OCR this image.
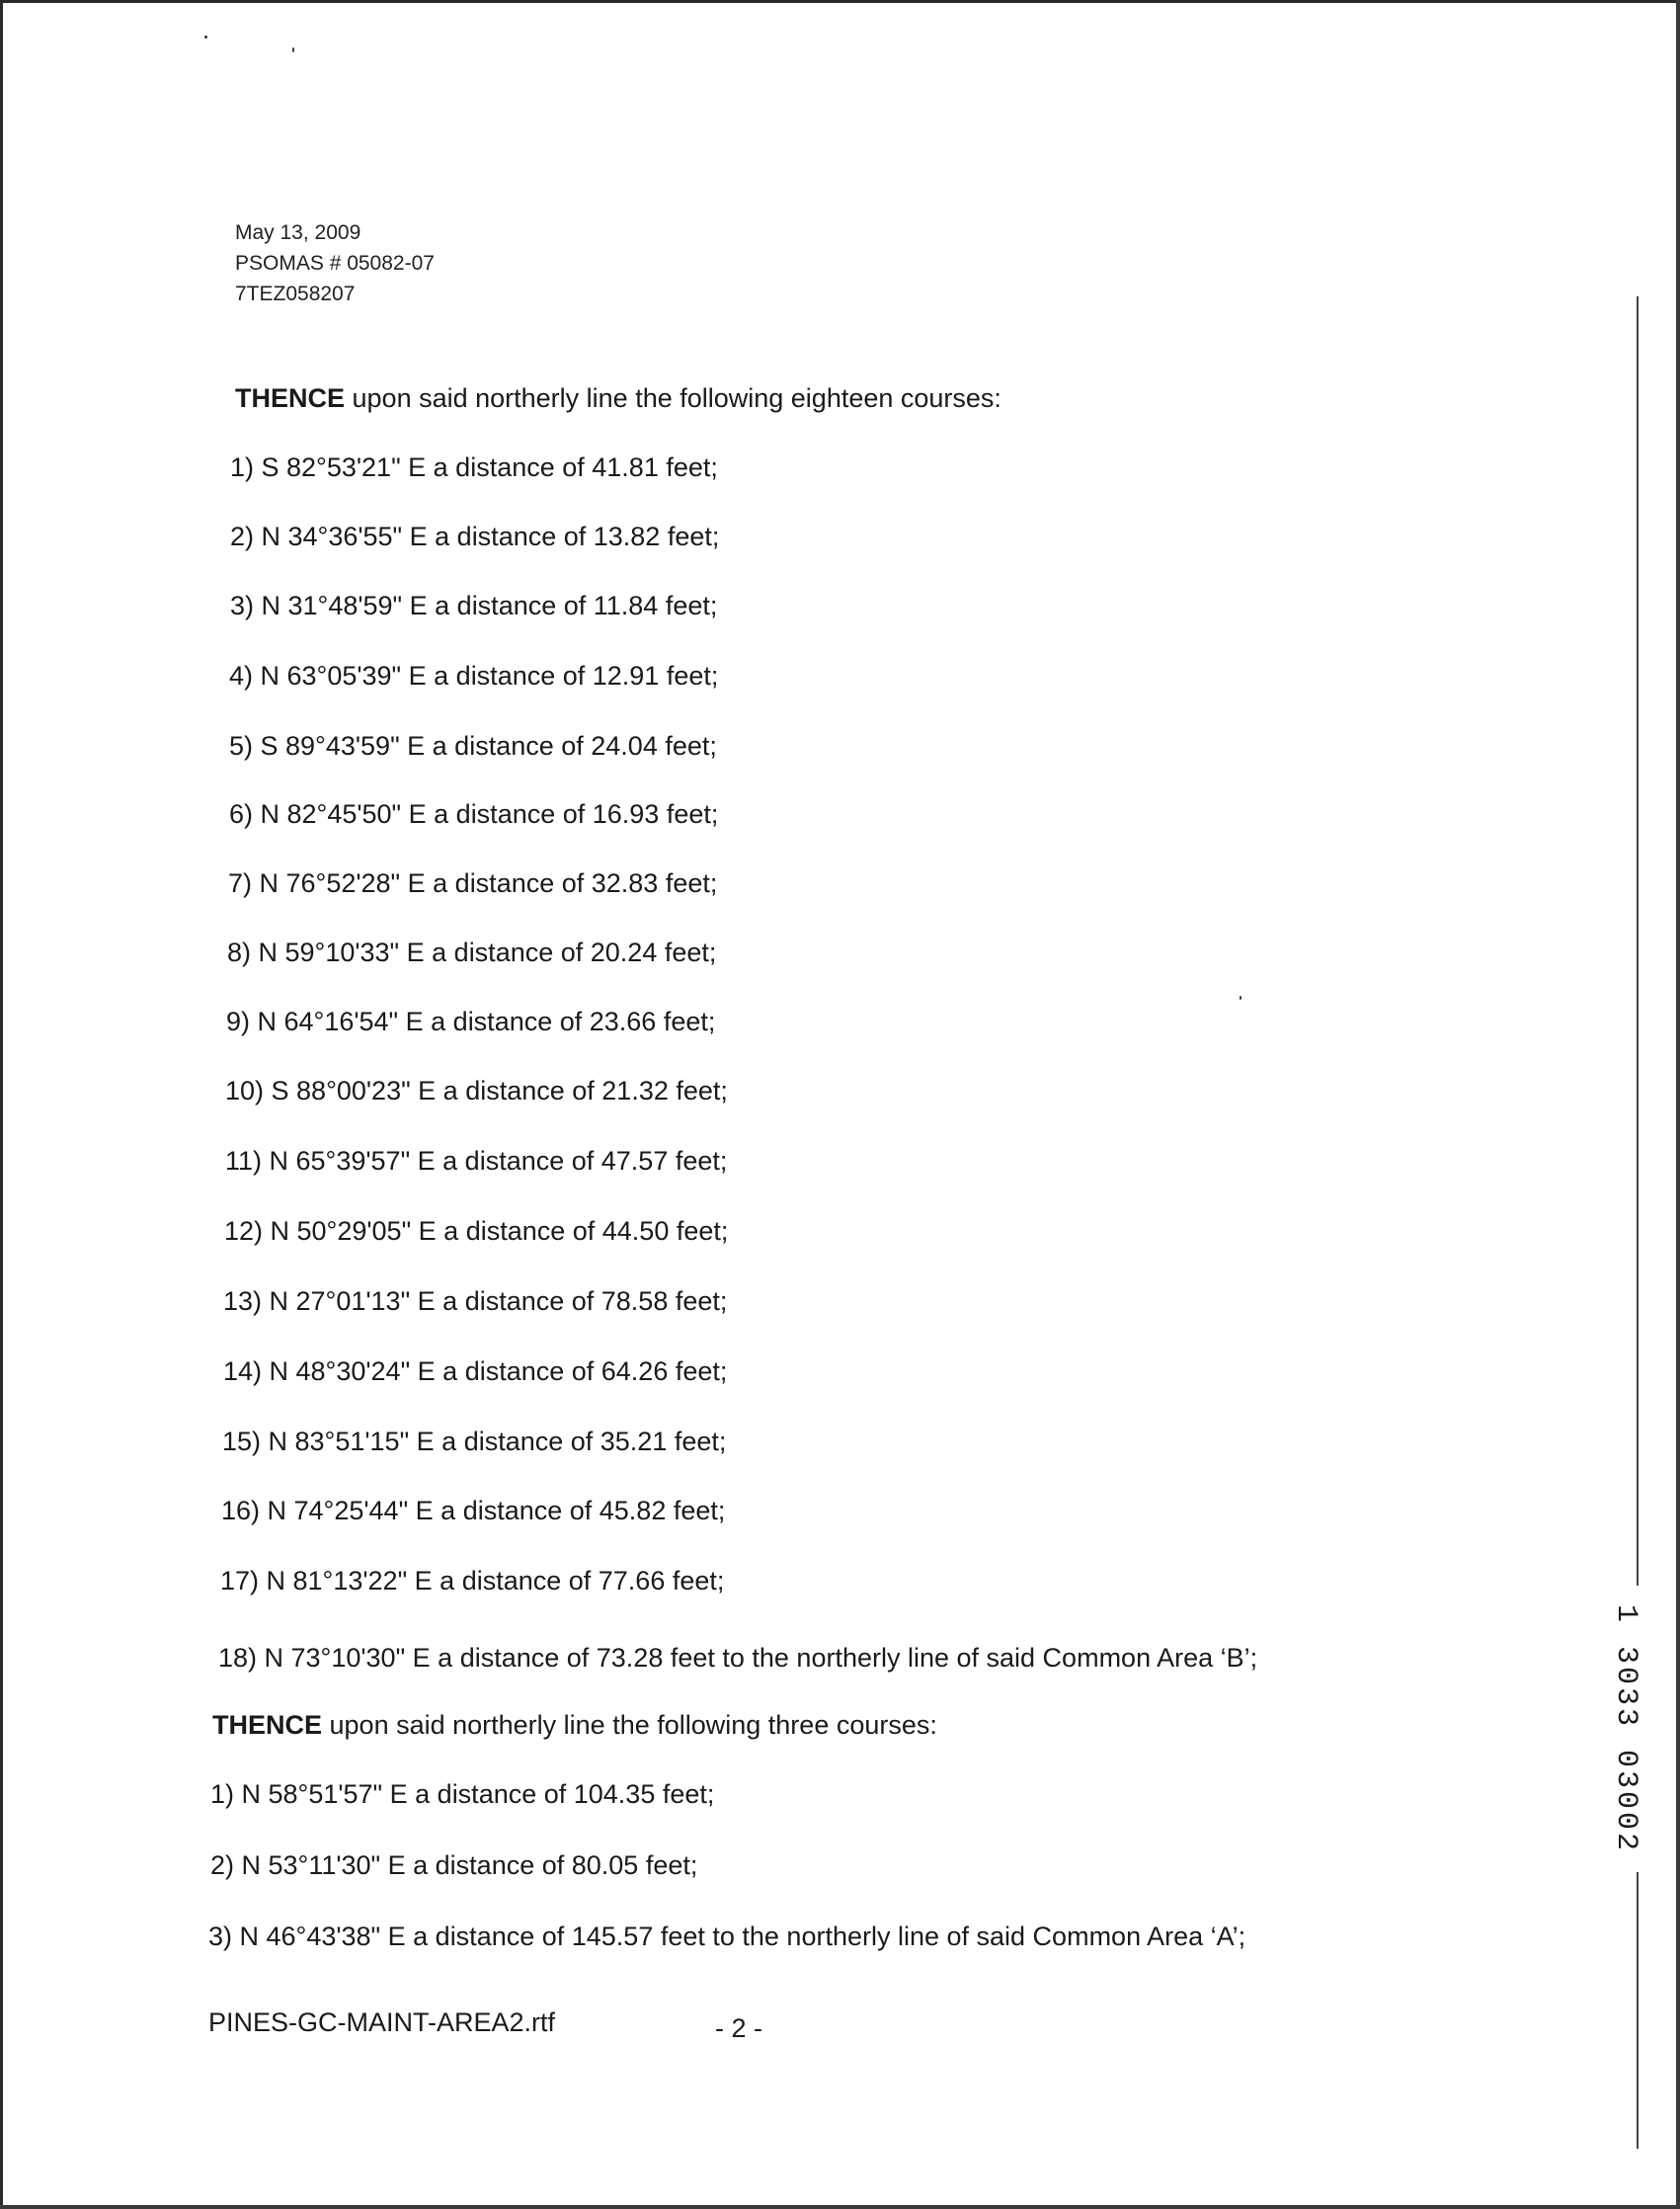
May 13, 2009
PSOMAS # 05082-07
7TEZ058207
THENCE upon said northerly line the following eighteen courses:
1) S 82°53'21" E a distance of 41.81 feet;
2) N 34°36'55" E a distance of 13.82 feet;
3) N 31°48'59" E a distance of 11.84 feet;
4) N 63°05'39" E a distance of 12.91 feet;
5) S 89°43'59" E a distance of 24.04 feet;
6) N 82°45'50" E a distance of 16.93 feet;
7) N 76°52'28" E a distance of 32.83 feet;
8) N 59°10'33" E a distance of 20.24 feet;
9) N 64°16'54" E a distance of 23.66 feet;
10) S 88°00'23" E a distance of 21.32 feet;
11) N 65°39'57" E a distance of 47.57 feet;
12) N 50°29'05" E a distance of 44.50 feet;
13) N 27°01'13" E a distance of 78.58 feet;
14) N 48°30'24" E a distance of 64.26 feet;
15) N 83°51'15" E a distance of 35.21 feet;
16) N 74°25'44" E a distance of 45.82 feet;
17) N 81°13'22" E a distance of 77.66 feet;
18) N 73°10'30" E a distance of 73.28 feet to the northerly line of said Common Area ‘B’;
THENCE upon said northerly line the following three courses:
1) N 58°51'57" E a distance of 104.35 feet;
2) N 53°11'30" E a distance of 80.05 feet;
3) N 46°43'38" E a distance of 145.57 feet to the northerly line of said Common Area ‘A’;
PINES-GC-MAINT-AREA2.rtf	- 2 -
1 3033 03002
